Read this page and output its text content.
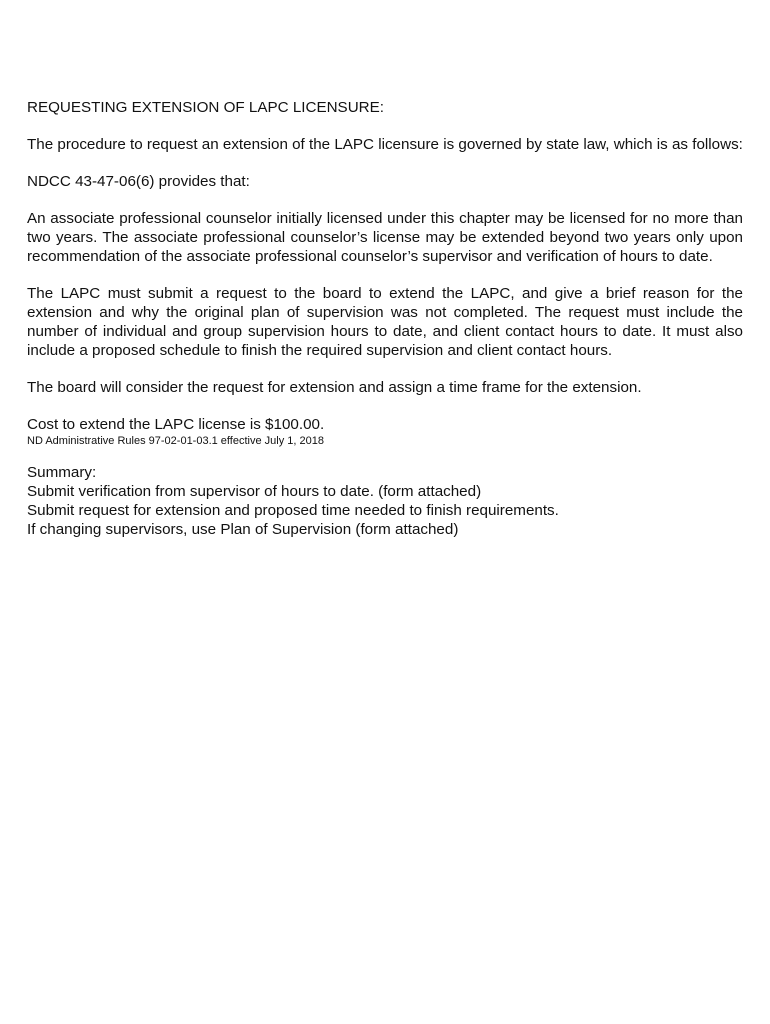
REQUESTING EXTENSION OF LAPC LICENSURE:

The procedure to request an extension of the LAPC licensure is governed by state law, which is as follows:

NDCC 43-47-06(6) provides that:

An associate professional counselor initially licensed under this chapter may be licensed for no more than two years. The associate professional counselor’s license may be extended beyond two years only upon recommendation of the associate professional counselor’s supervisor and verification of hours to date.

The LAPC must submit a request to the board to extend the LAPC, and give a brief reason for the extension and why the original plan of supervision was not completed. The request must include the number of individual and group supervision hours to date, and client contact hours to date. It must also include a proposed schedule to finish the required supervision and client contact hours.

The board will consider the request for extension and assign a time frame for the extension.

Cost to extend the LAPC license is $100.00.

ND Administrative Rules 97-02-01-03.1 effective July 1, 2018

Summary:

Submit verification from supervisor of hours to date. (form attached)

Submit request for extension and proposed time needed to finish requirements.

If changing supervisors, use Plan of Supervision (form attached)
